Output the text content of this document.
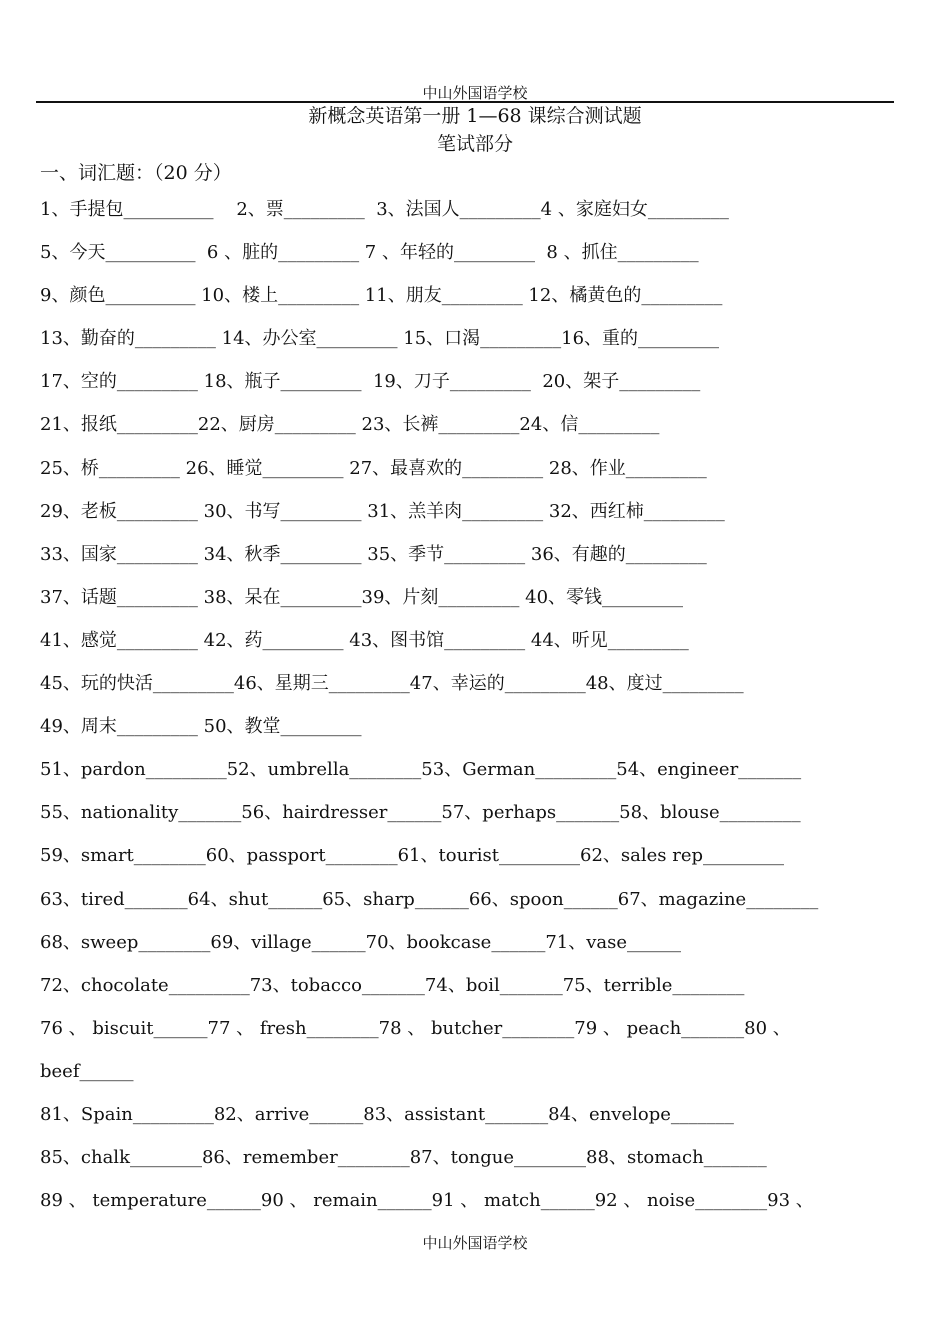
中山外国语学校
新概念英语第一册 1—68 课综合测试题
笔试部分
一、词汇题：（20 分）
1、手提包__________    2、票_________  3、法国人_________4 、家庭妇女_________
5、今天__________  6 、脏的_________ 7 、年轻的_________  8 、抓住_________
9、颜色__________ 10、楼上_________ 11、朋友_________ 12、橘黄色的_________
13、勤奋的_________ 14、办公室_________ 15、口渴_________16、重的_________
17、空的_________ 18、瓶子_________  19、刀子_________  20、架子_________
21、报纸_________22、厨房_________ 23、长裤_________24、信_________
25、桥_________ 26、睡觉_________ 27、最喜欢的_________ 28、作业_________
29、老板_________ 30、书写_________ 31、羔羊肉_________ 32、西红柿_________
33、国家_________ 34、秋季_________ 35、季节_________ 36、有趣的_________
37、话题_________ 38、呆在_________39、片刻_________ 40、零钱_________
41、感觉_________ 42、药_________ 43、图书馆_________ 44、听见_________
45、玩的快活_________46、星期三_________47、幸运的_________48、度过_________
49、周末_________ 50、教堂_________
51、pardon_________52、umbrella________53、German_________54、engineer_______
55、nationality_______56、hairdresser______57、perhaps_______58、blouse_________
59、smart________60、passport________61、tourist_________62、sales rep_________
63、tired_______64、shut______65、sharp______66、spoon______67、magazine________
68、sweep________69、village______70、bookcase______71、vase______
72、chocolate_________73、tobacco_______74、boil_______75、terrible________
76 、 biscuit______77 、 fresh________78 、 butcher________79 、 peach_______80 、
beef______
81、Spain_________82、arrive______83、assistant_______84、envelope_______
85、chalk________86、remember________87、tongue________88、stomach_______
89 、 temperature______90 、 remain______91 、 match______92 、 noise________93 、
中山外国语学校
